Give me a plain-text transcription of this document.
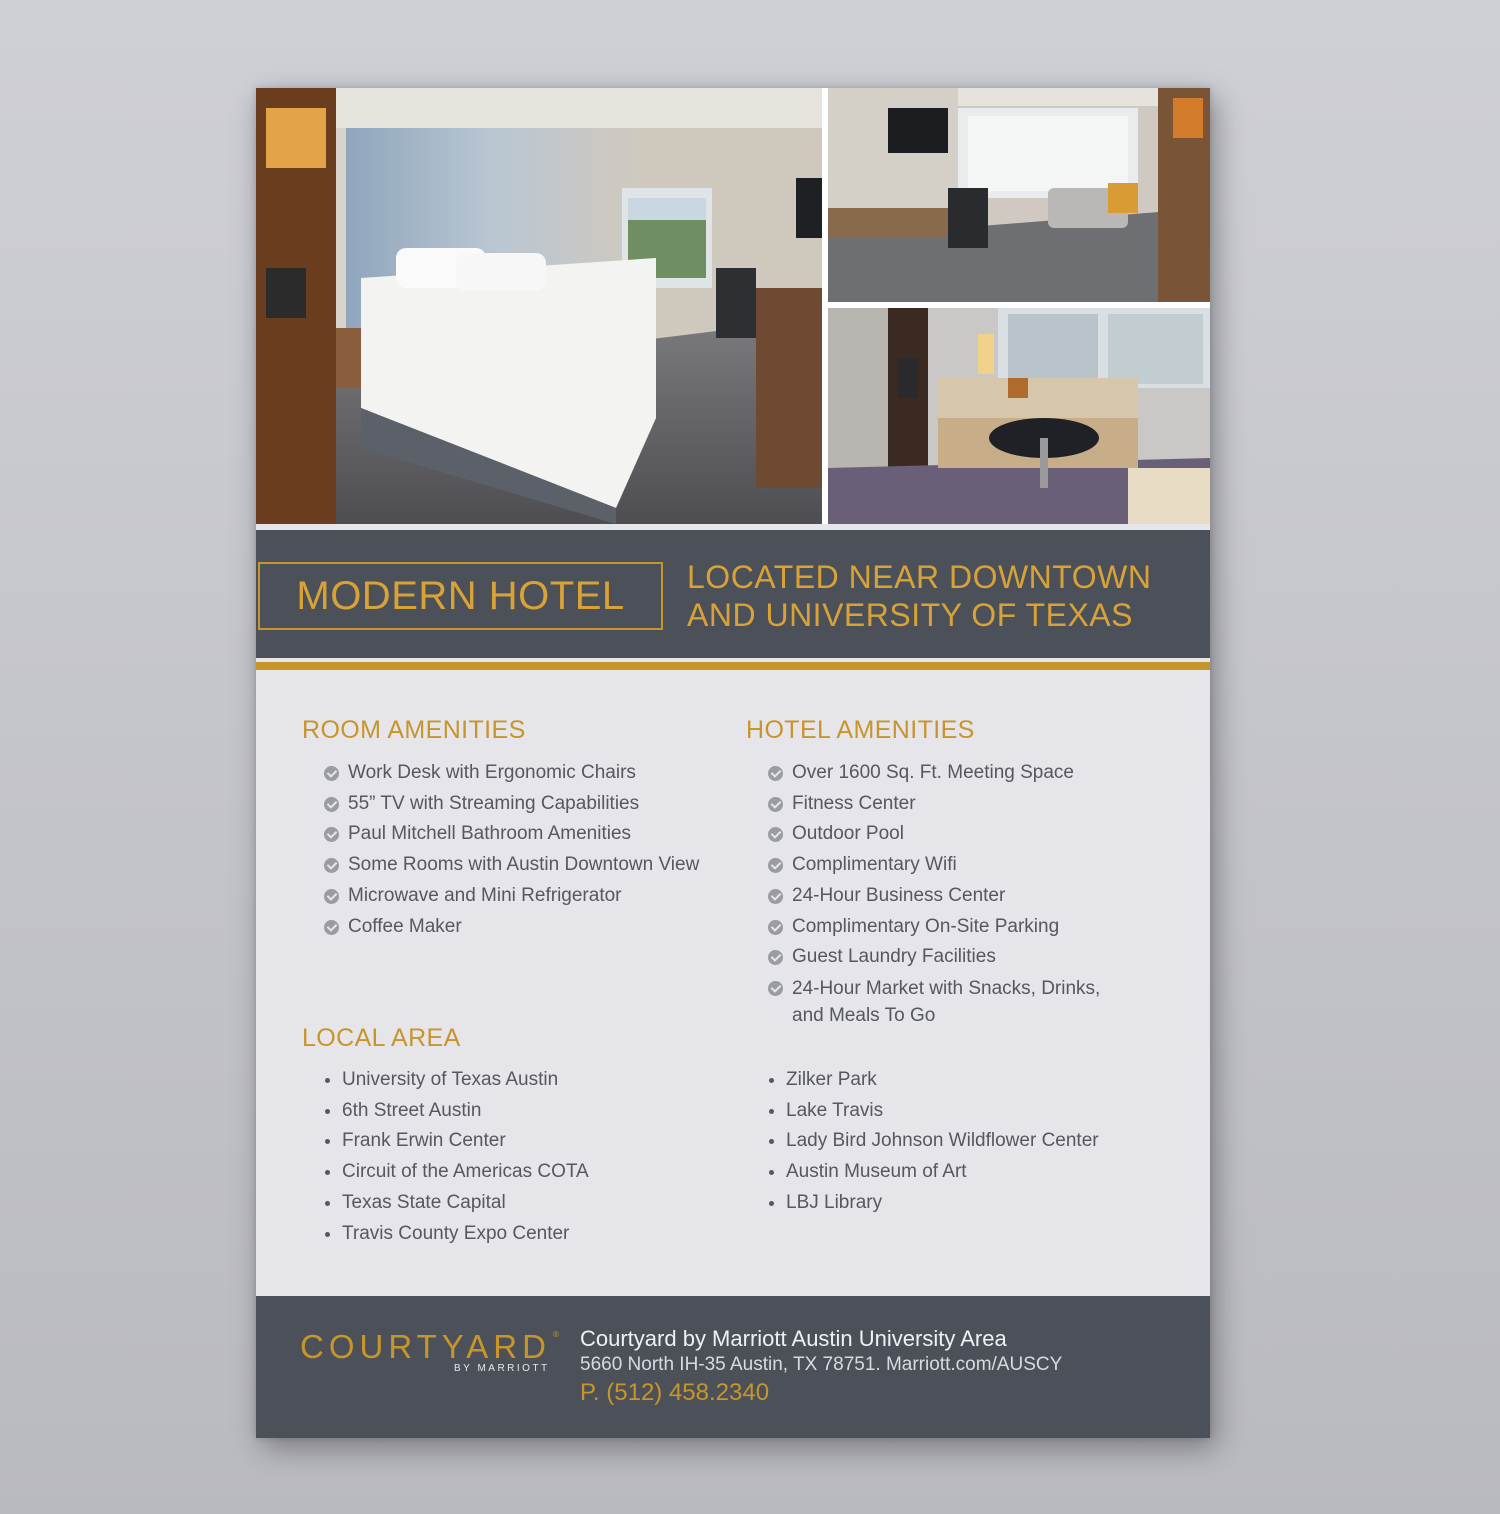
MODERN HOTEL LOCATED NEAR DOWNTOWN
AND UNIVERSITY OF TEXAS
ROOM AMENITIES
Work Desk with Ergonomic Chairs
55” TV with Streaming Capabilities
Paul Mitchell Bathroom Amenities
Some Rooms with Austin Downtown View
Microwave and Mini Refrigerator
Coffee Maker
HOTEL AMENITIES
Over 1600 Sq. Ft. Meeting Space
Fitness Center
Outdoor Pool
Complimentary Wifi
24-Hour Business Center
Complimentary On-Site Parking
Guest Laundry Facilities
24-Hour Market with Snacks, Drinks, and Meals To Go
LOCAL AREA
University of Texas Austin
6th Street Austin
Frank Erwin Center
Circuit of the Americas COTA
Texas State Capital
Travis County Expo Center
Zilker Park
Lake Travis
Lady Bird Johnson Wildflower Center
Austin Museum of Art
LBJ Library
COURTYARD ®
BY MARRIOTT
Courtyard by Marriott Austin University Area
5660 North IH-35 Austin, TX 78751. Marriott.com/AUSCY
P. (512) 458.2340
